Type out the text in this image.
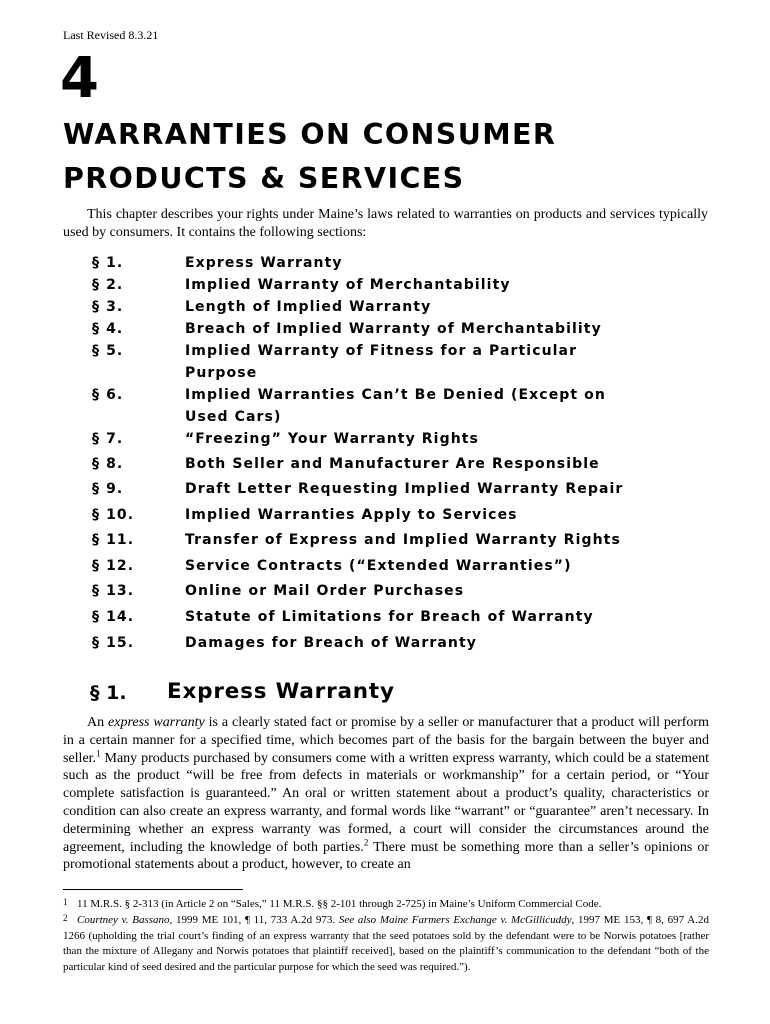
Last Revised 8.3.21
4
WARRANTIES ON CONSUMER
PRODUCTS & SERVICES

This chapter describes your rights under Maine’s laws related to warranties on products and services typically used by consumers. It contains the following sections:

§ 1.	Express Warranty
§ 2.	Implied Warranty of Merchantability
§ 3.	Length of Implied Warranty
§ 4.	Breach of Implied Warranty of Merchantability
§ 5.	Implied Warranty of Fitness for a Particular
Purpose
§ 6.	Implied Warranties Can’t Be Denied (Except on
Used Cars)
§ 7.	“Freezing” Your Warranty Rights
§ 8.	Both Seller and Manufacturer Are Responsible
§ 9.	Draft Letter Requesting Implied Warranty Repair
§ 10.	Implied Warranties Apply to Services
§ 11.	Transfer of Express and Implied Warranty Rights
§ 12.	Service Contracts (“Extended Warranties”)
§ 13.	Online or Mail Order Purchases
§ 14.	Statute of Limitations for Breach of Warranty
§ 15.	Damages for Breach of Warranty
§ 1. Express Warranty

An express warranty is a clearly stated fact or promise by a seller or manufacturer that a product will perform in a certain manner for a specified time, which becomes part of the basis for the bargain between the buyer and seller.$^1$ Many products purchased by consumers come with a written express warranty, which could be a statement such as the product “will be free from defects in materials or workmanship” for a certain period, or “Your complete satisfaction is guaranteed.” An oral or written statement about a product’s quality, characteristics or condition can also create an express warranty, and formal words like “warrant” or “guarantee” aren’t necessary. In determining whether an express warranty was formed, a court will consider the circumstances around the agreement, including the knowledge of both parties.$^2$ There must be something more than a seller’s opinions or promotional statements about a product, however, to create an

1 11 M.R.S. § 2-313 (in Article 2 on “Sales,” 11 M.R.S. §§ 2-101 through 2-725) in Maine’s Uniform Commercial Code.

2 Courtney v. Bassano, 1999 ME 101, ¶ 11, 733 A.2d 973. See also Maine Farmers Exchange v. McGillicuddy, 1997 ME 153, ¶ 8, 697 A.2d 1266 (upholding the trial court’s finding of an express warranty that the seed potatoes sold by the defendant were to be Norwis potatoes [rather than the mixture of Allegany and Norwis potatoes that plaintiff received], based on the plaintiff’s communication to the defendant “both of the particular kind of seed desired and the particular purpose for which the seed was required.”).
